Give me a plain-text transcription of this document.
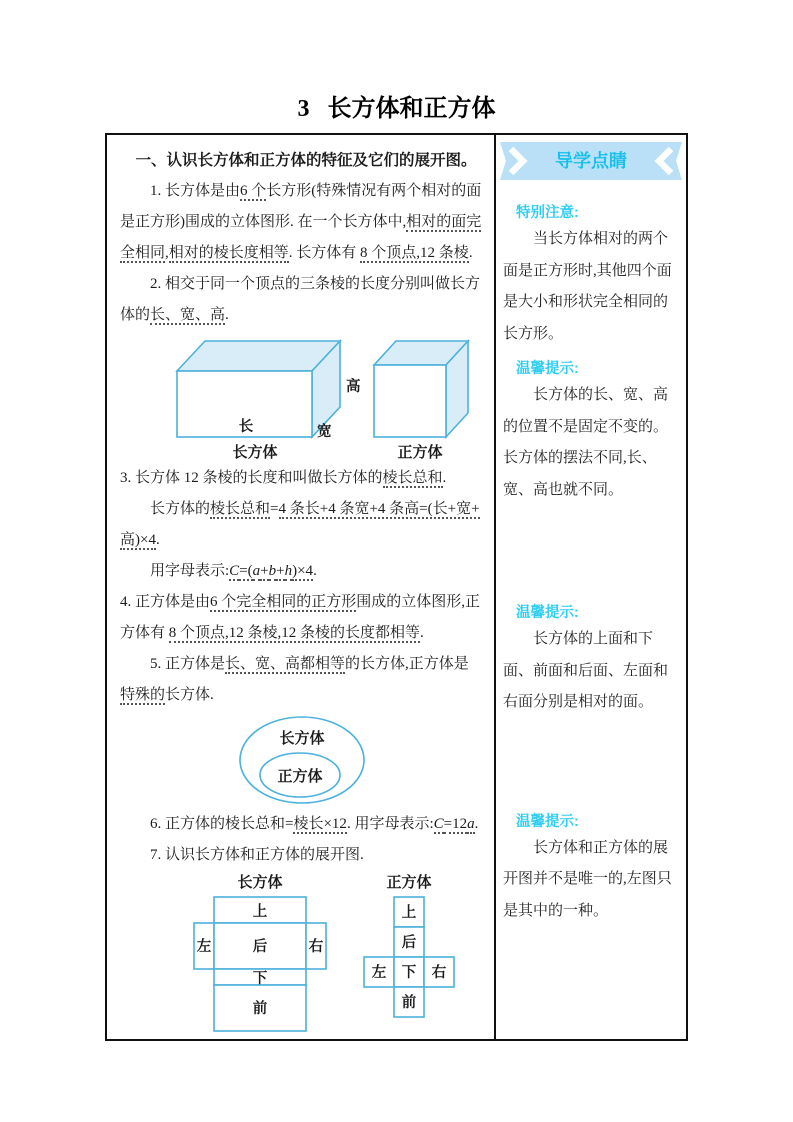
3 长方体和正方体

一、认识长方体和正方体的特征及它们的展开图。

1. 长方体是由6 个长方形(特殊情况有两个相对的面是正方形)围成的立体图形. 在一个长方体中,相对的面完全相同,相对的棱长度相等. 长方体有 8 个顶点,12 条棱.

2. 相交于同一个顶点的三条棱的长度分别叫做长方体的长、宽、高.

长	宽
高
长方体	正方体

3. 长方体 12 条棱的长度和叫做长方体的棱长总和.

长方体的棱长总和=4 条长+4 条宽+4 条高=(长+宽+
高)×4.

用字母表示:C=(a+b+h)×4.

4. 正方体是由6 个完全相同的正方形围成的立体图形,正方体有 8 个顶点,12 条棱,12 条棱的长度都相等.

5. 正方体是长、宽、高都相等的长方体,正方体是特殊的长方体.

长方体
正方体

6. 正方体的棱长总和=棱长×12. 用字母表示:C=12a.

7. 认识长方体和正方体的展开图.

长方体
上
左	后	右
下
前
正方体
上
后
左 下 右
前
导学点睛
特别注意:

当长方体相对的两个面是正方形时,其他四个面是大小和形状完全相同的长方形。

温馨提示:

长方体的长、宽、高的位置不是固定不变的。长方体的摆法不同,长、宽、高也就不同。

温馨提示:

长方体的上面和下面、前面和后面、左面和右面分别是相对的面。

温馨提示:

长方体和正方体的展开图并不是唯一的,左图只是其中的一种。
